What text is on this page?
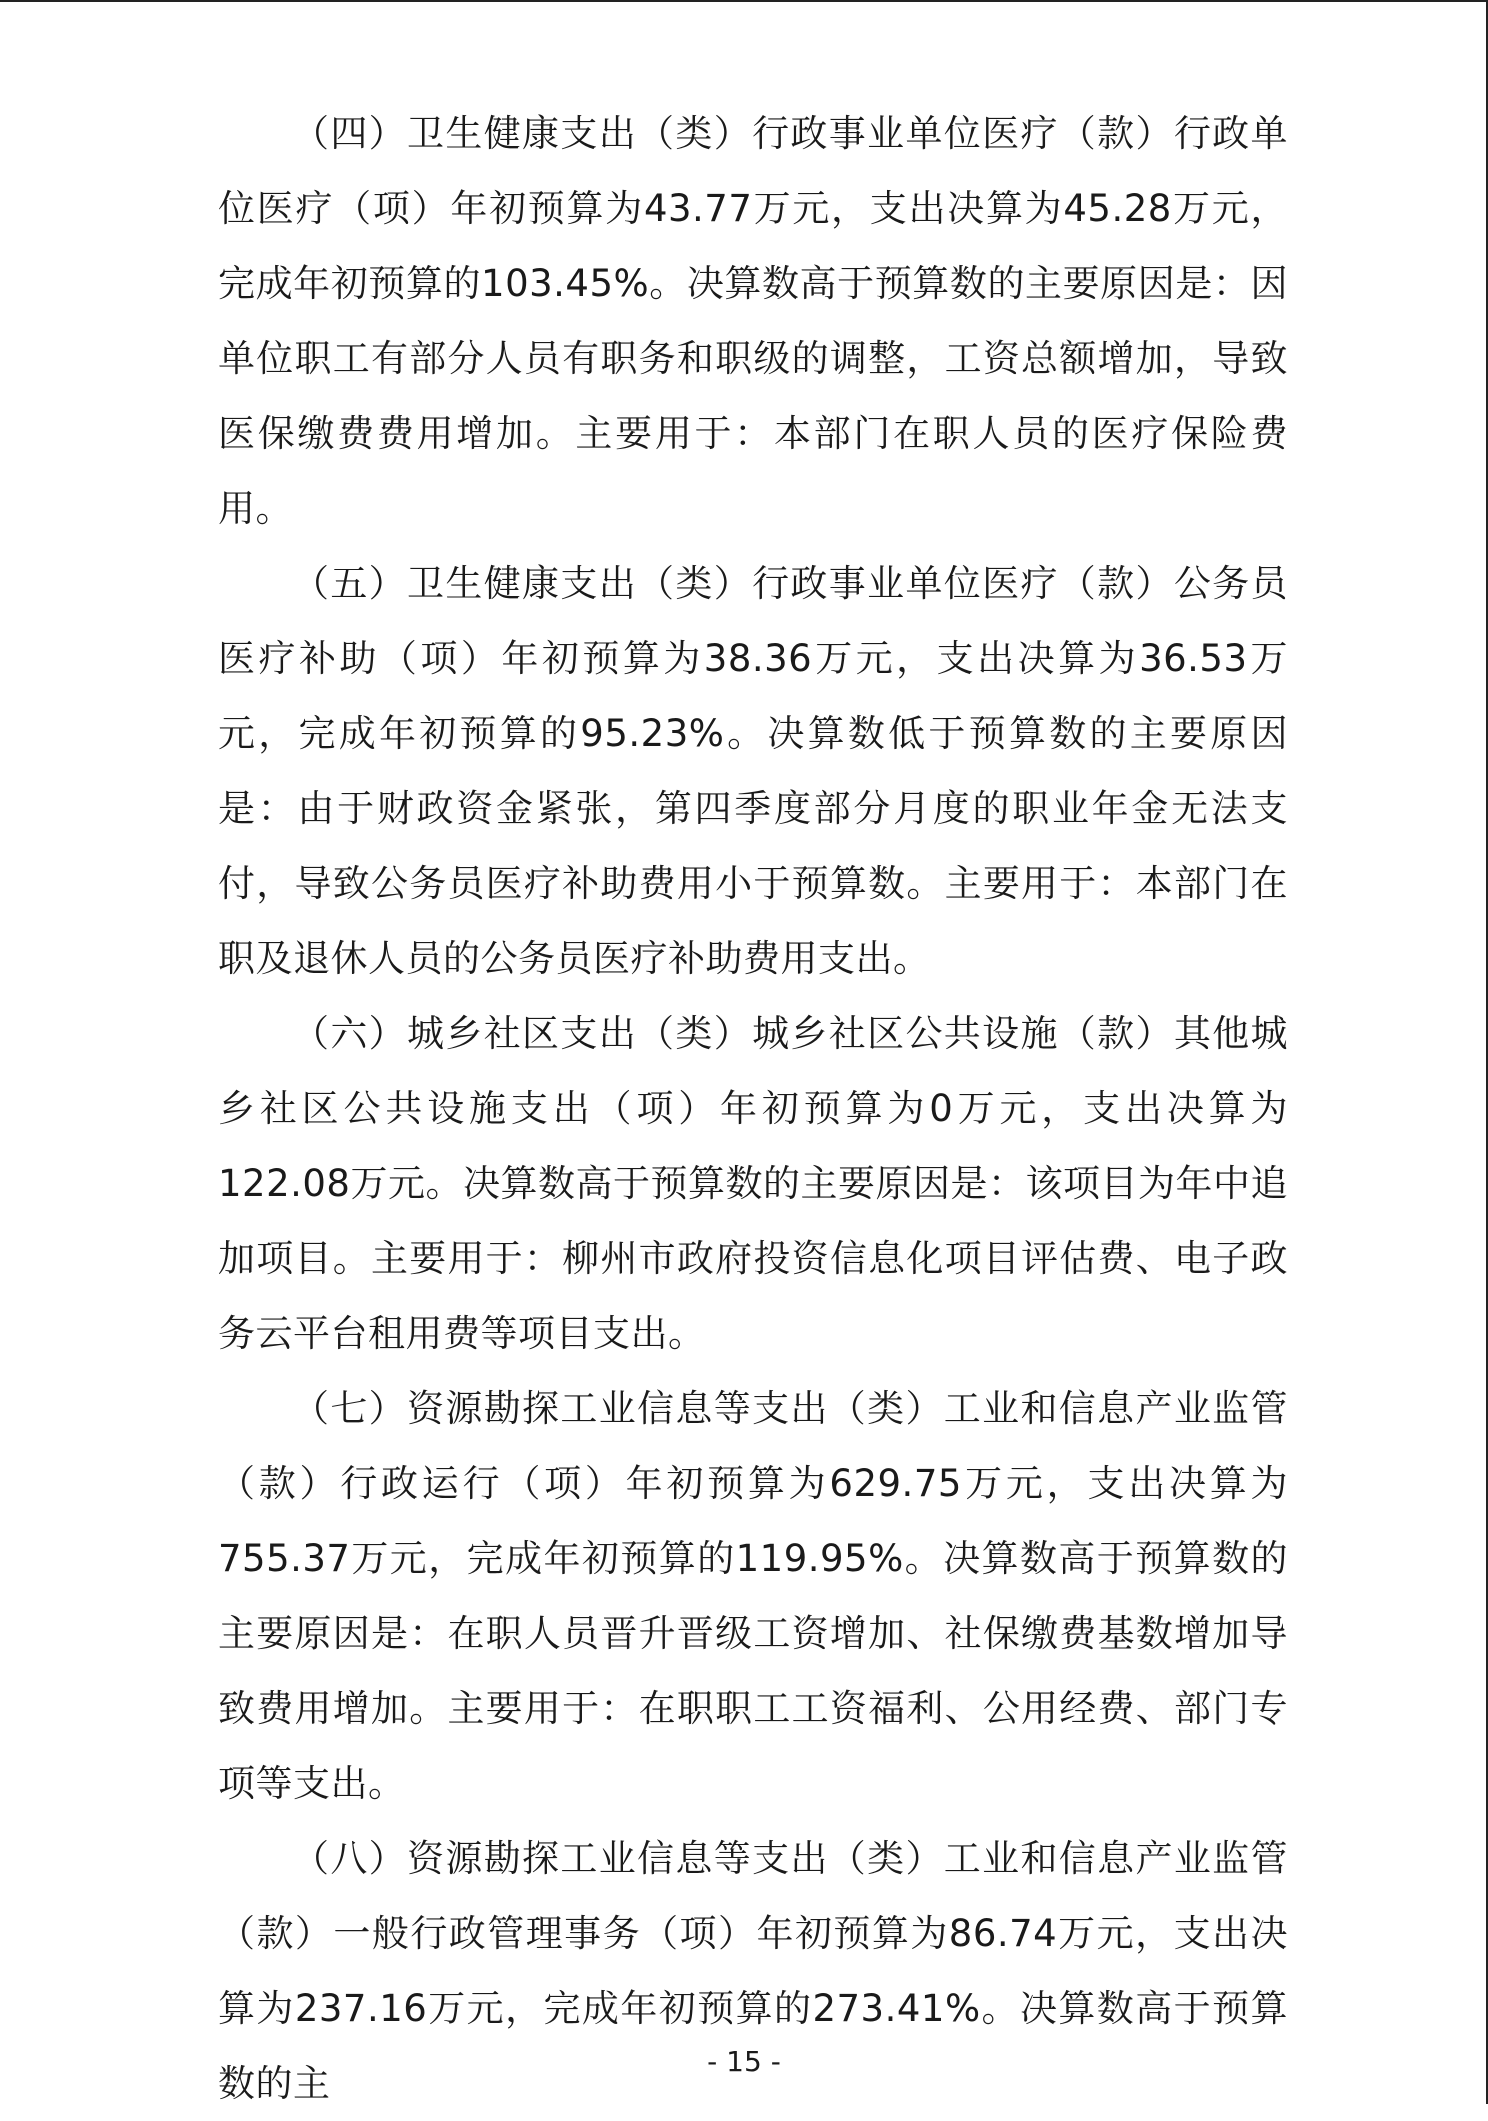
（四）卫生健康支出（类）行政事业单位医疗（款）行政单位医疗（项）年初预算为43.77万元，支出决算为45.28万元，完成年初预算的103.45%。决算数高于预算数的主要原因是：因单位职工有部分人员有职务和职级的调整，工资总额增加，导致医保缴费费用增加。主要用于：本部门在职人员的医疗保险费用。

（五）卫生健康支出（类）行政事业单位医疗（款）公务员医疗补助（项）年初预算为38.36万元，支出决算为36.53万元，完成年初预算的95.23%。决算数低于预算数的主要原因是：由于财政资金紧张，第四季度部分月度的职业年金无法支付，导致公务员医疗补助费用小于预算数。主要用于：本部门在职及退休人员的公务员医疗补助费用支出。

（六）城乡社区支出（类）城乡社区公共设施（款）其他城乡社区公共设施支出（项）年初预算为0万元，支出决算为122.08万元。决算数高于预算数的主要原因是：该项目为年中追加项目。主要用于：柳州市政府投资信息化项目评估费、电子政务云平台租用费等项目支出。

（七）资源勘探工业信息等支出（类）工业和信息产业监管（款）行政运行（项）年初预算为629.75万元，支出决算为755.37万元，完成年初预算的119.95%。决算数高于预算数的主要原因是：在职人员晋升晋级工资增加、社保缴费基数增加导致费用增加。主要用于：在职职工工资福利、公用经费、部门专项等支出。

（八）资源勘探工业信息等支出（类）工业和信息产业监管（款）一般行政管理事务（项）年初预算为86.74万元，支出决算为237.16万元，完成年初预算的273.41%。决算数高于预算数的主

- 15 -
